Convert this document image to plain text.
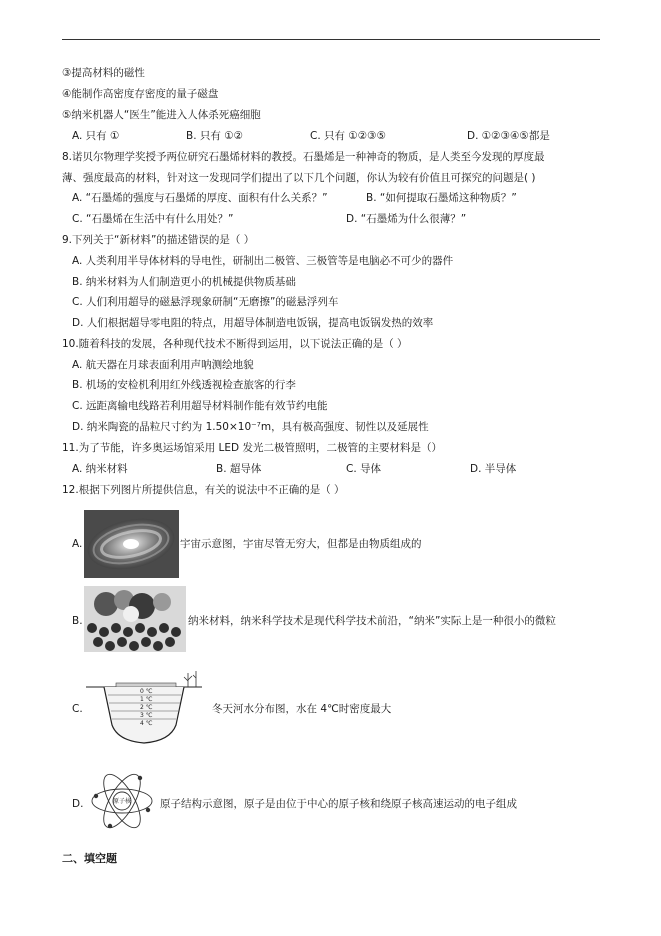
③提高材料的磁性
④能制作高密度存密度的量子磁盘
⑤纳米机器人“医生”能进入人体杀死癌细胞
A. 只有 ①	B. 只有 ①②	C. 只有 ①②③⑤	D. ①②③④⑤都是
8.诺贝尔物理学奖授予两位研究石墨烯材料的教授。石墨烯是一种神奇的物质，是人类至今发现的厚度最
薄、强度最高的材料，针对这一发现同学们提出了以下几个问题，你认为较有价值且可探究的问题是( )
A. “石墨烯的强度与石墨烯的厚度、面积有什么关系？”	B. “如何提取石墨烯这种物质？”
C. “石墨烯在生活中有什么用处？”	D. “石墨烯为什么很薄？”
9.下列关于“新材料”的描述错误的是（ ）
A. 人类利用半导体材料的导电性，研制出二极管、三极管等是电脑必不可少的器件
B. 纳米材料为人们制造更小的机械提供物质基础
C. 人们利用超导的磁悬浮现象研制“无磨擦”的磁悬浮列车
D. 人们根据超导零电阻的特点，用超导体制造电饭锅，提高电饭锅发热的效率
10.随着科技的发展，各种现代技术不断得到运用，以下说法正确的是（ ）
A. 航天器在月球表面利用声呐测绘地貌
B. 机场的安检机利用红外线透视检查旅客的行李
C. 远距离输电线路若利用超导材料制作能有效节约电能
D. 纳米陶瓷的晶粒尺寸约为 1.50×10⁻⁷m，具有极高强度、韧性以及延展性
11.为了节能，许多奥运场馆采用 LED 发光二极管照明，二极管的主要材料是（）
A. 纳米材料	B. 超导体	C. 导体	D. 半导体
12.根据下列图片所提供信息，有关的说法中不正确的是（ ）
A.	宇宙示意图，宇宙尽管无穷大，但都是由物质组成的
B.	纳米材料，纳米科学技术是现代科学技术前沿，“纳米”实际上是一种很小的微粒
C.
0 ℃
1 ℃
2 ℃
3 ℃
4 ℃
冬天河水分布图，水在 4℃时密度最大
D.	原子核	原子结构示意图，原子是由位于中心的原子核和绕原子核高速运动的电子组成
二、填空题
